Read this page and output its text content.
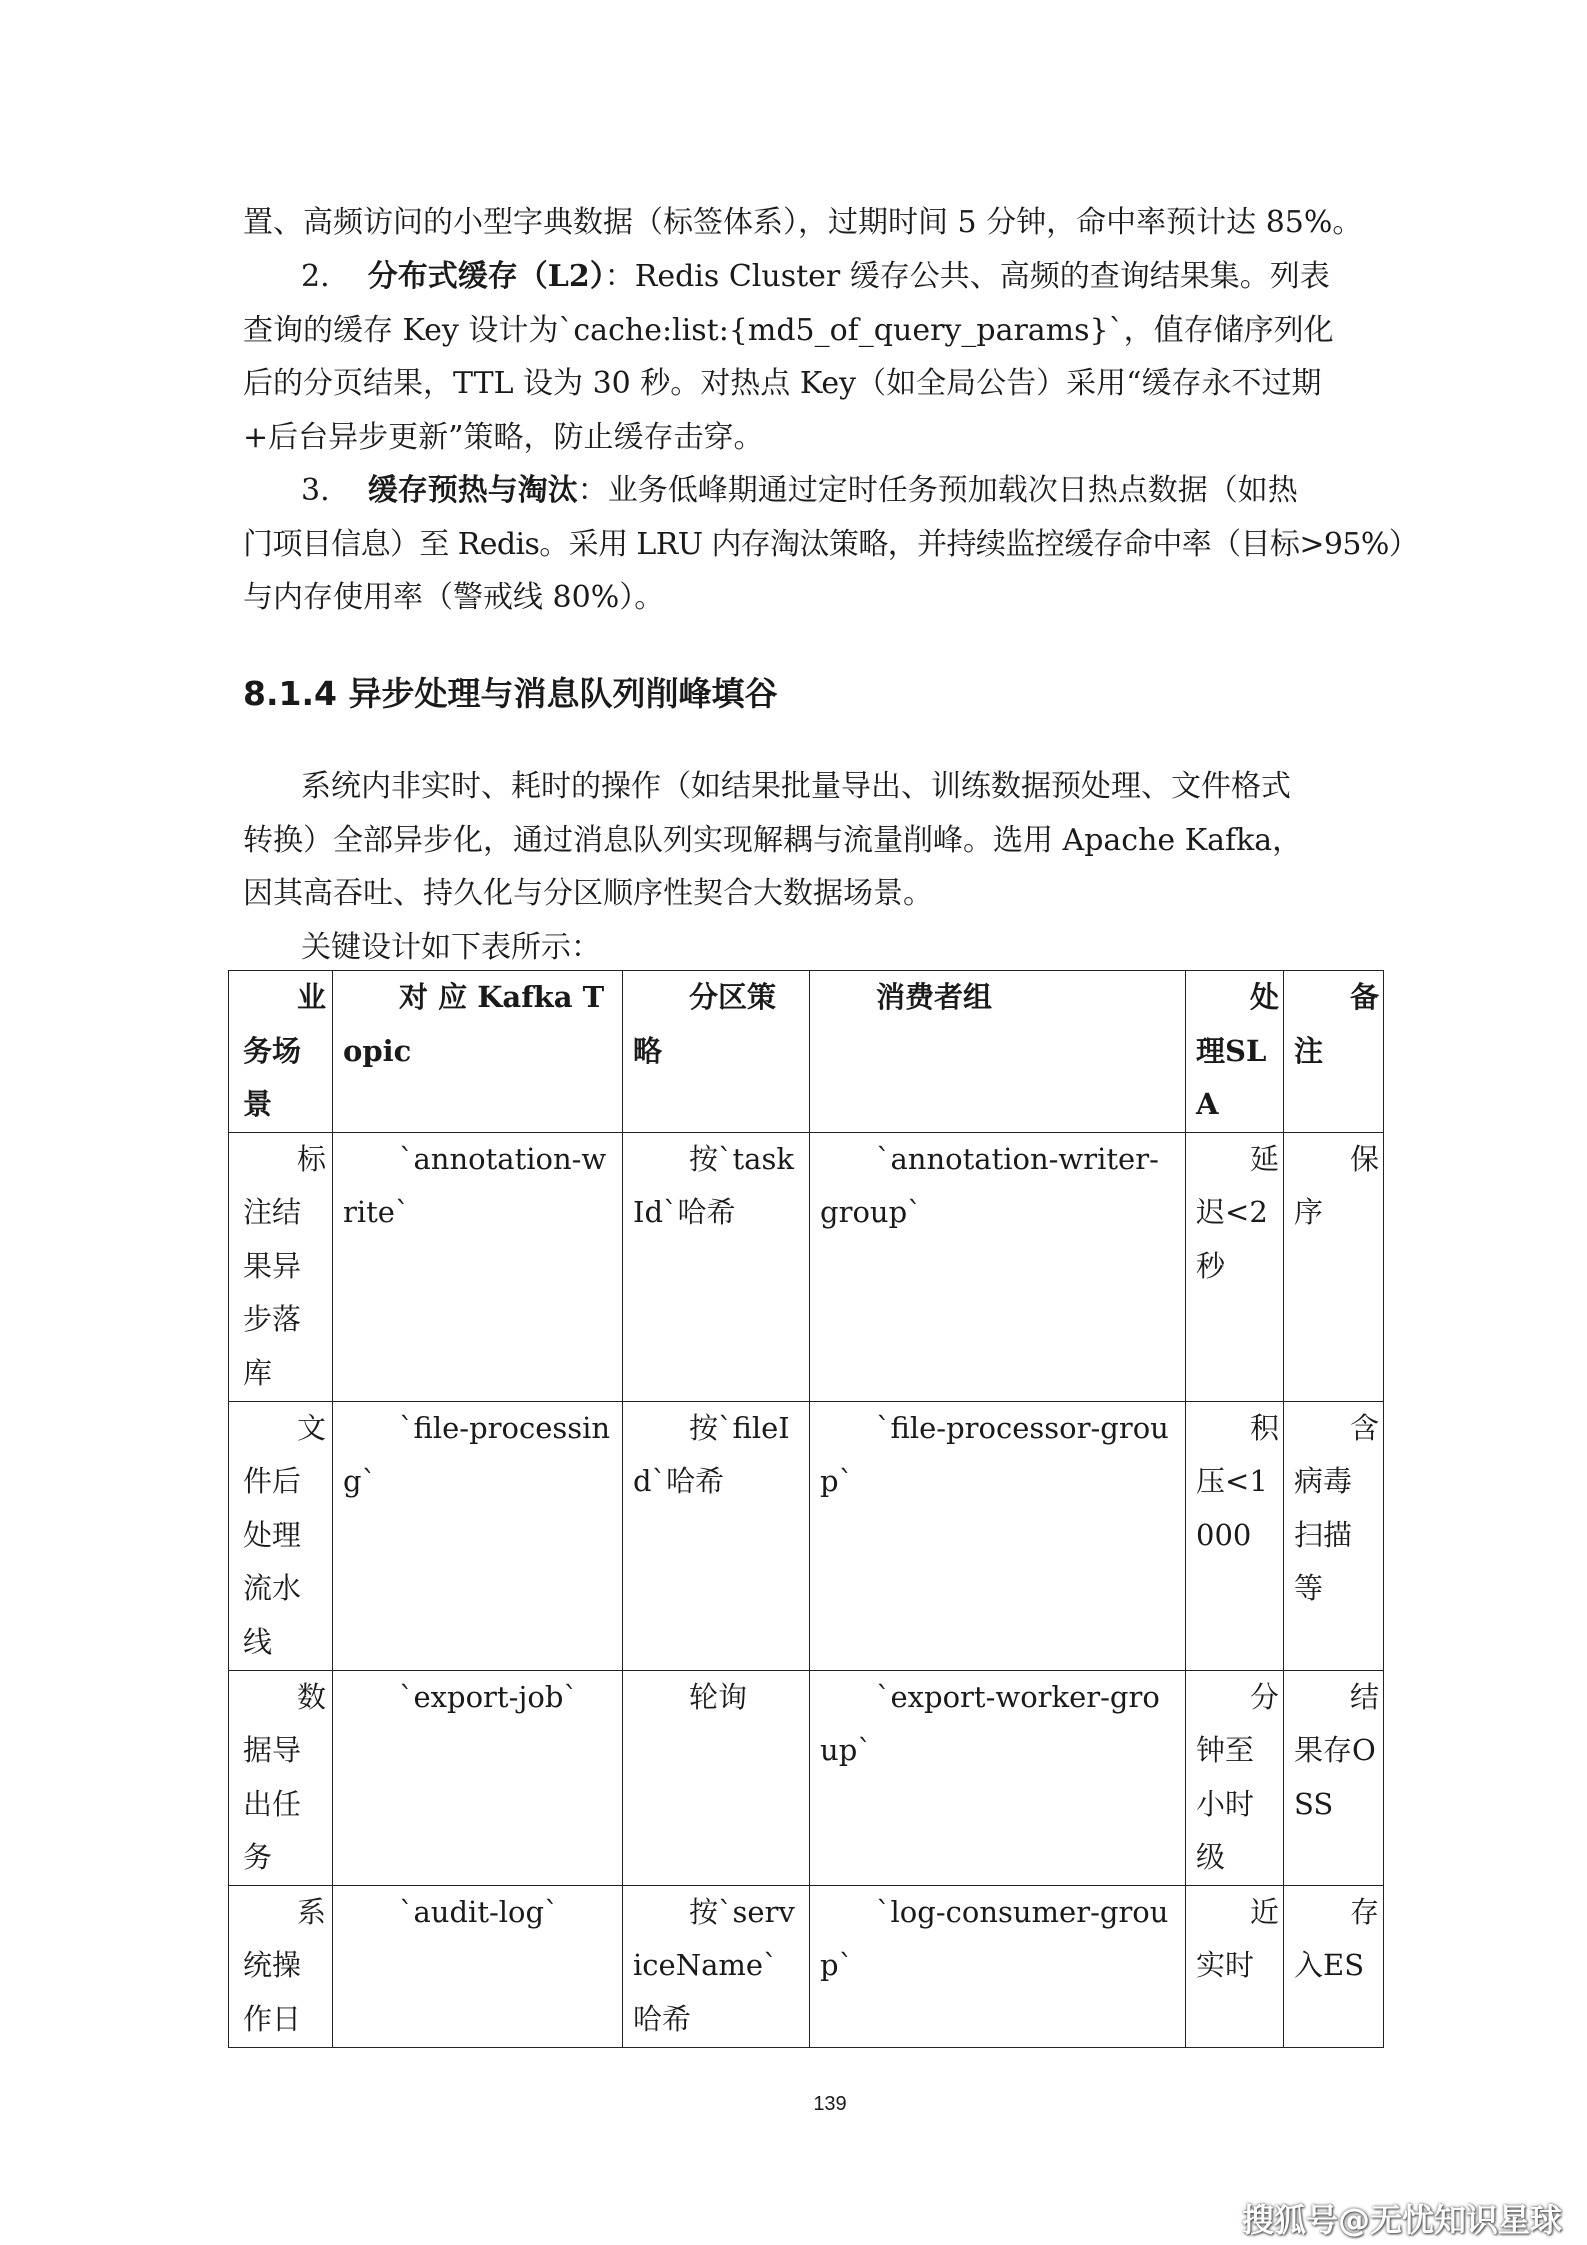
置、高频访问的小型字典数据（标签体系），过期时间 5 分钟，命中率预计达 85%。
2. 分布式缓存（L2）：Redis Cluster 缓存公共、高频的查询结果集。列表
查询的缓存 Key 设计为`cache:list:{md5_of_query_params}`，值存储序列化
后的分页结果，TTL 设为 30 秒。对热点 Key（如全局公告）采用“缓存永不过期
+后台异步更新”策略，防止缓存击穿。
3. 缓存预热与淘汰：业务低峰期通过定时任务预加载次日热点数据（如热
门项目信息）至 Redis。采用 LRU 内存淘汰策略，并持续监控缓存命中率（目标>95%）
与内存使用率（警戒线 80%）。
8.1.4 异步处理与消息队列削峰填谷
系统内非实时、耗时的操作（如结果批量导出、训练数据预处理、文件格式
转换）全部异步化，通过消息队列实现解耦与流量削峰。选用 Apache Kafka，
因其高吞吐、持久化与分区顺序性契合大数据场景。
关键设计如下表所示：
业务场景	对 应 Kafka Topic	分区策略	消费者组	处理SLA	备注
标注结果异步落库	`annotation-write`	按`taskId`哈希	`annotation-writer-group`	延迟<2秒	保序
文件后处理流水线	`file-processing`	按`fileId`哈希	`file-processor-group`	积压<1000	含病毒扫描等
数据导出任务	`export-job`	轮询	`export-worker-group`	分钟至小时级	结果存OSS
系统操作日	`audit-log`	按`serviceName`哈希	`log-consumer-group`	近实时	存入ES
139
搜狐号@无忧知识星球
